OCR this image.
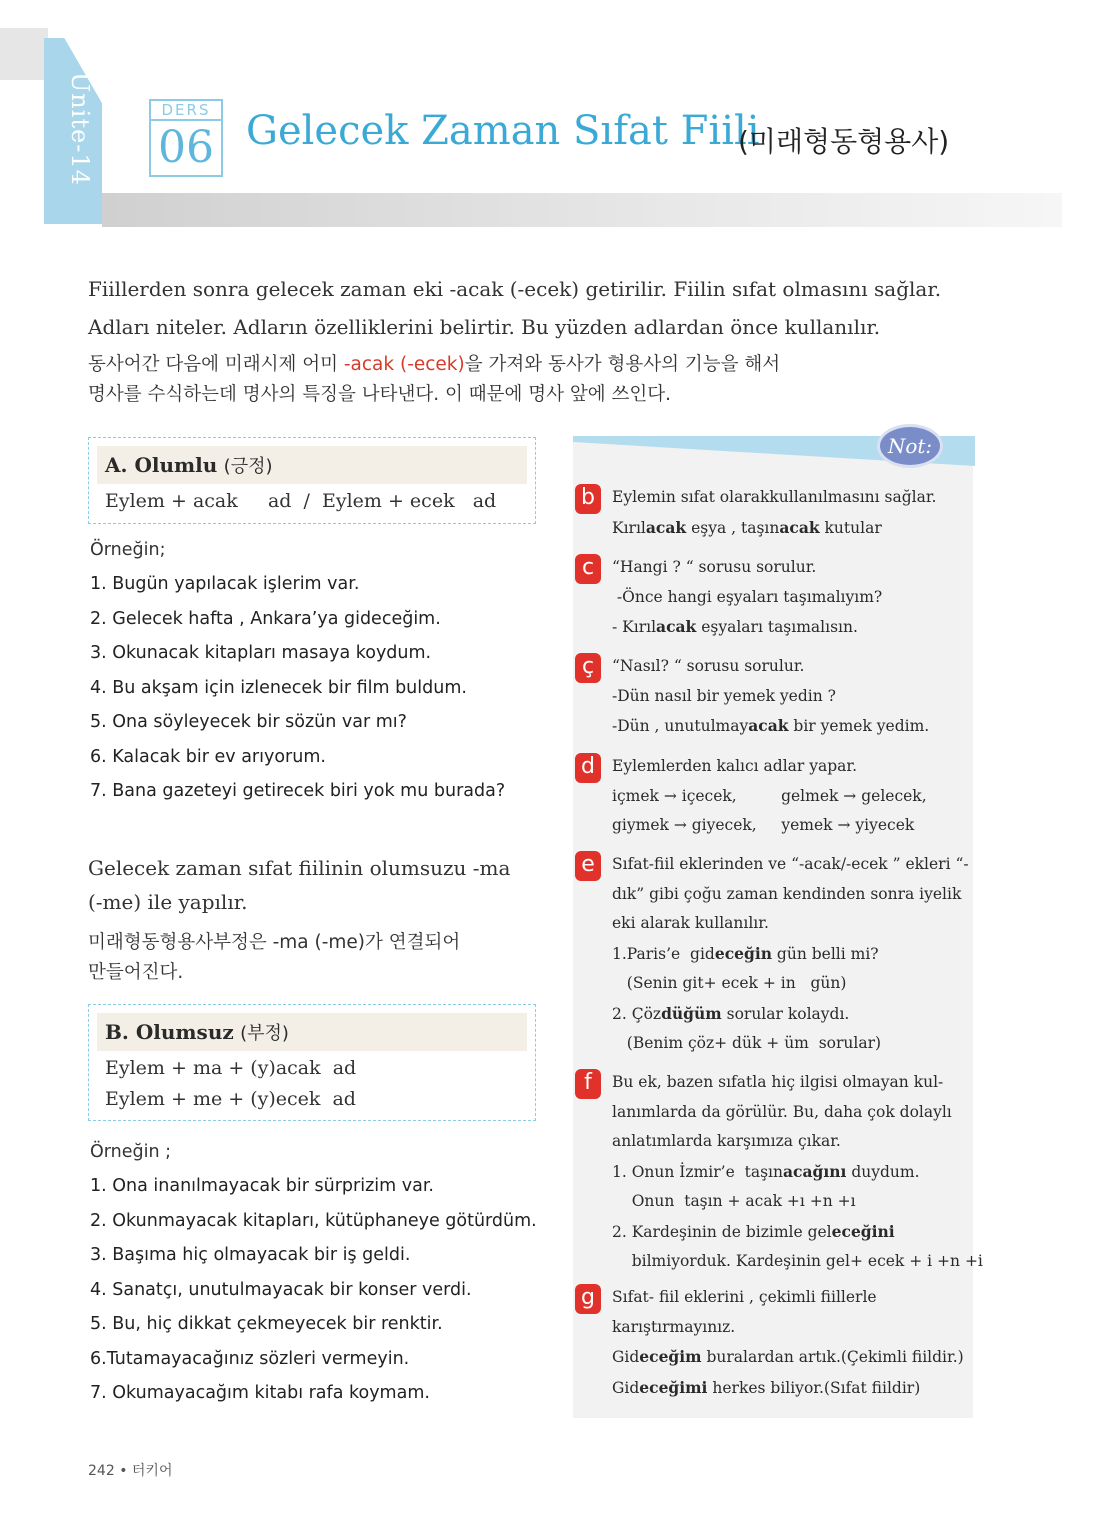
Ünite-14	DERS
06 Gelecek Zaman Sıfat Fiili
(미래형동형용사)
Fiillerden sonra gelecek zaman eki -acak (-ecek) getirilir. Fiilin sıfat olmasını sağlar.
Adları niteler. Adların özelliklerini belirtir. Bu yüzden adlardan önce kullanılır.
동사어간 다음에 미래시제 어미 -acak (-ecek)을 가져와 동사가 형용사의 기능을 해서
명사를 수식하는데 명사의 특징을 나타낸다. 이 때문에 명사 앞에 쓰인다.
A. Olumlu (긍정)
Eylem + acak     ad  /  Eylem + ecek   ad
Örneğin;
1. Bugün yapılacak işlerim var.
2. Gelecek hafta , Ankara’ya gideceğim.
3. Okunacak kitapları masaya koydum.
4. Bu akşam için izlenecek bir film buldum.
5. Ona söyleyecek bir sözün var mı?
6. Kalacak bir ev arıyorum.
7. Bana gazeteyi getirecek biri yok mu burada?
Gelecek zaman sıfat fiilinin olumsuzu -ma
(-me) ile yapılır.
미래형동형용사부정은 -ma (-me)가 연결되어
만들어진다.
B. Olumsuz (부정)
Eylem + ma + (y)acak  ad
Eylem + me + (y)ecek  ad
Örneğin ;
1. Ona inanılmayacak bir sürprizim var.
2. Okunmayacak kitapları, kütüphaneye götürdüm.
3. Başıma hiç olmayacak bir iş geldi.
4. Sanatçı, unutulmayacak bir konser verdi.
5. Bu, hiç dikkat çekmeyecek bir renktir.
6.Tutamayacağınız sözleri vermeyin.
7. Okumayacağım kitabı rafa koymam.
Not:
b	Eylemin sıfat olarakkullanılmasını sağlar.
Kırılacak eşya , taşınacak kutular
c	“Hangi ? “ sorusu sorulur.
-Önce hangi eşyaları taşımalıyım?
- Kırılacak eşyaları taşımalısın.
ç	“Nasıl? “ sorusu sorulur.
-Dün nasıl bir yemek yedin ?
-Dün , unutulmayacak bir yemek yedim.
d	Eylemlerden kalıcı adlar yapar.
içmek → içecek,         gelmek → gelecek,
giymek → giyecek,     yemek → yiyecek
e	Sıfat-fiil eklerinden ve “-acak/-ecek ” ekleri “-
dık” gibi çoğu zaman kendinden sonra iyelik
eki alarak kullanılır.
1.Paris’e  gideceğin gün belli mi?
(Senin git+ ecek + in   gün)
2. Çözdüğüm sorular kolaydı.
(Benim çöz+ dük + üm  sorular)
f	Bu ek, bazen sıfatla hiç ilgisi olmayan kul-
lanımlarda da görülür. Bu, daha çok dolaylı
anlatımlarda karşımıza çıkar.
1. Onun İzmir’e  taşınacağını duydum.
Onun  taşın + acak +ı +n +ı
2. Kardeşinin de bizimle geleceğini
bilmiyorduk. Kardeşinin gel+ ecek + i +n +i
g	Sıfat- fiil eklerini , çekimli fiillerle
karıştırmayınız.
Gideceğim buralardan artık.(Çekimli fiildir.)
Gideceğimi herkes biliyor.(Sıfat fiildir)
242 • 터키어
